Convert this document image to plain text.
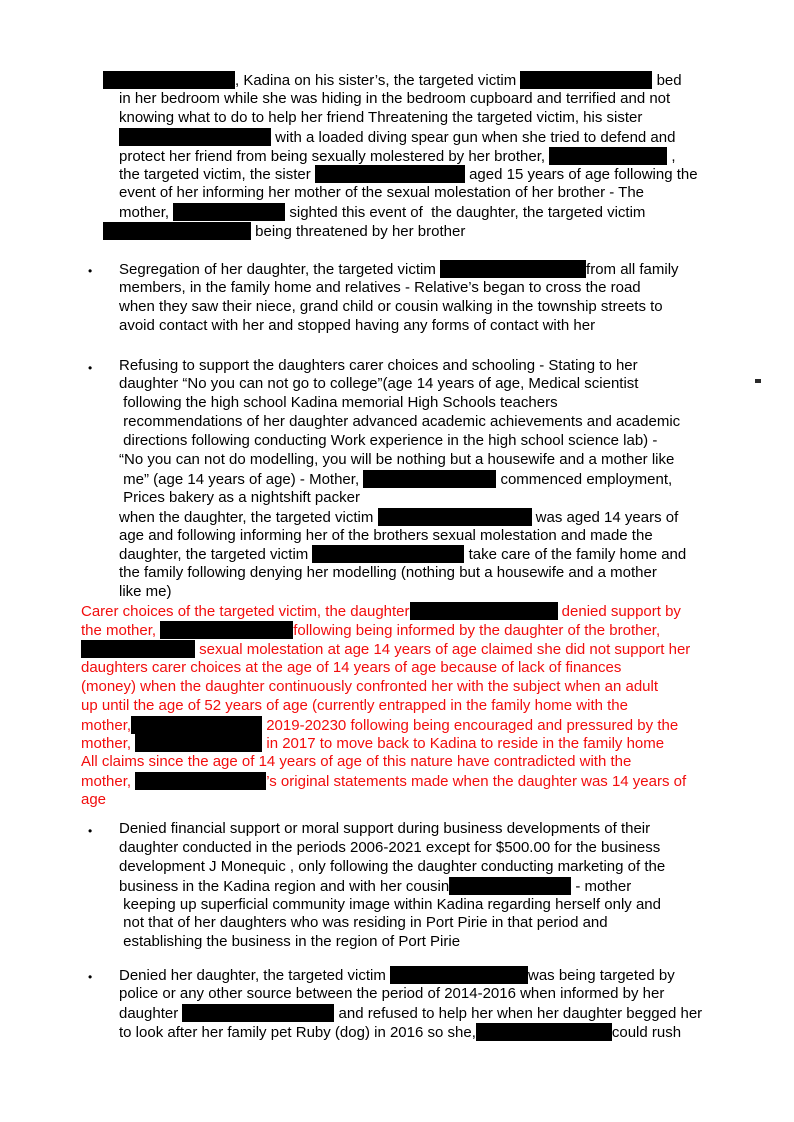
, Kadina on his sister’s, the targeted victim	bed
in her bedroom while she was hiding in the bedroom cupboard and terrified and not
knowing what to do to help her friend Threatening the targeted victim, his sister
with a loaded diving spear gun when she tried to defend and
protect her friend from being sexually molestered by her brother,	,
the targeted victim, the sister	aged 15 years of age following the
event of her informing her mother of the sexual molestation of her brother - The
mother,	sighted this event of  the daughter, the targeted victim
being threatened by her brother
• Segregation of her daughter, the targeted victim	from all family
members, in the family home and relatives - Relative’s began to cross the road
when they saw their niece, grand child or cousin walking in the township streets to
avoid contact with her and stopped having any forms of contact with her
• Refusing to support the daughters carer choices and schooling - Stating to her
daughter “No you can not go to college”(age 14 years of age, Medical scientist
following the high school Kadina memorial High Schools teachers
recommendations of her daughter advanced academic achievements and academic
directions following conducting Work experience in the high school science lab) -
“No you can not do modelling, you will be nothing but a housewife and a mother like
me” (age 14 years of age) - Mother,	commenced employment,
Prices bakery as a nightshift packer
when the daughter, the targeted victim	was aged 14 years of
age and following informing her of the brothers sexual molestation and made the
daughter, the targeted victim	take care of the family home and
the family following denying her modelling (nothing but a housewife and a mother
like me)
Carer choices of the targeted victim, the daughter	denied support by
the mother,	following being informed by the daughter of the brother,
sexual molestation at age 14 years of age claimed she did not support her
daughters carer choices at the age of 14 years of age because of lack of finances
(money) when the daughter continuously confronted her with the subject when an adult
up until the age of 52 years of age (currently entrapped in the family home with the
mother,	2019-20230 following being encouraged and pressured by the
mother,	in 2017 to move back to Kadina to reside in the family home
All claims since the age of 14 years of age of this nature have contradicted with the
mother,	’s original statements made when the daughter was 14 years of
age
• Denied financial support or moral support during business developments of their
daughter conducted in the periods 2006-2021 except for $500.00 for the business
development J Monequic , only following the daughter conducting marketing of the
business in the Kadina region and with her cousin	- mother
keeping up superficial community image within Kadina regarding herself only and
not that of her daughters who was residing in Port Pirie in that period and
establishing the business in the region of Port Pirie
• Denied her daughter, the targeted victim	was being targeted by
police or any other source between the period of 2014-2016 when informed by her
daughter	and refused to help her when her daughter begged her
to look after her family pet Ruby (dog) in 2016 so she,	could rush
